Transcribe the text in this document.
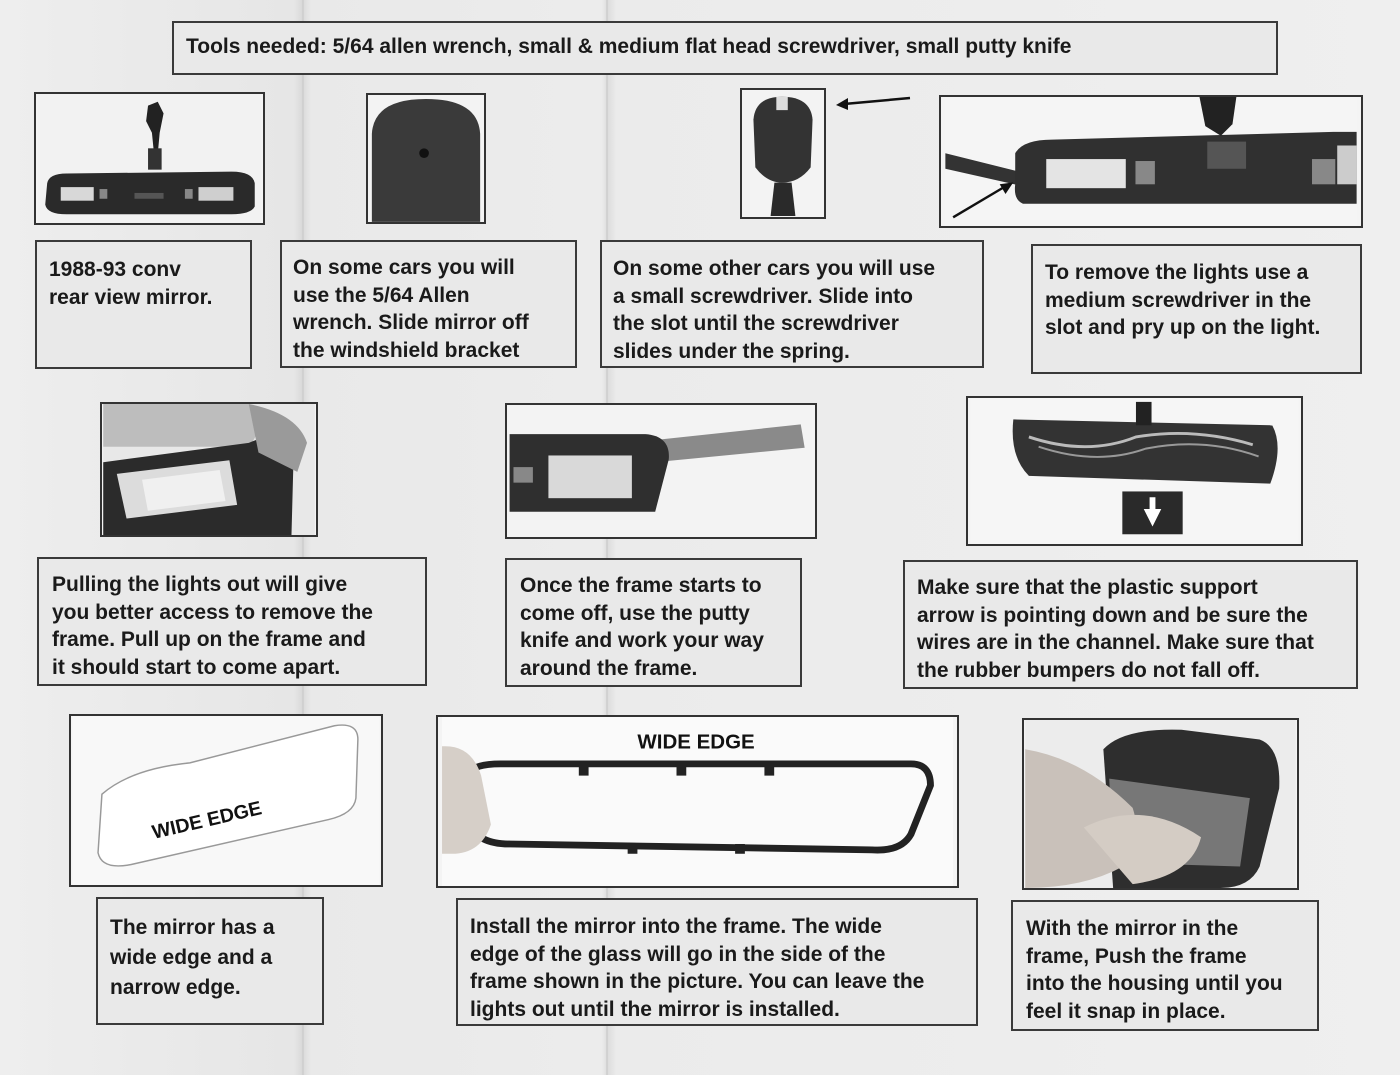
Tools needed: 5/64 allen wrench, small & medium flat head screwdriver, small putty knife
1988-93 conv
rear view mirror.
On some cars you will
use the 5/64 Allen
wrench. Slide mirror off
the windshield bracket
On some other cars you will use
a small screwdriver. Slide into
the slot until the screwdriver
slides under the spring.
To remove the lights use a
medium screwdriver in the
slot and pry up on the light.
Pulling the lights out will give
you better access to remove the
frame. Pull up on the frame and
it should start to come apart.
Once the frame starts to
come off, use the putty
knife and work your way
around the frame.
Make sure that the plastic support
arrow is pointing down and be sure the
wires are in the channel. Make sure that
the rubber bumpers do not fall off.
WIDE EDGE
WIDE EDGE
The mirror has a
wide edge and a
narrow edge.
Install the mirror into the frame. The wide
edge of the glass will go in the side of the
frame shown in the picture. You can leave the
lights out until the mirror is installed.
With the mirror in the
frame, Push the frame
into the housing until you
feel it snap in place.
